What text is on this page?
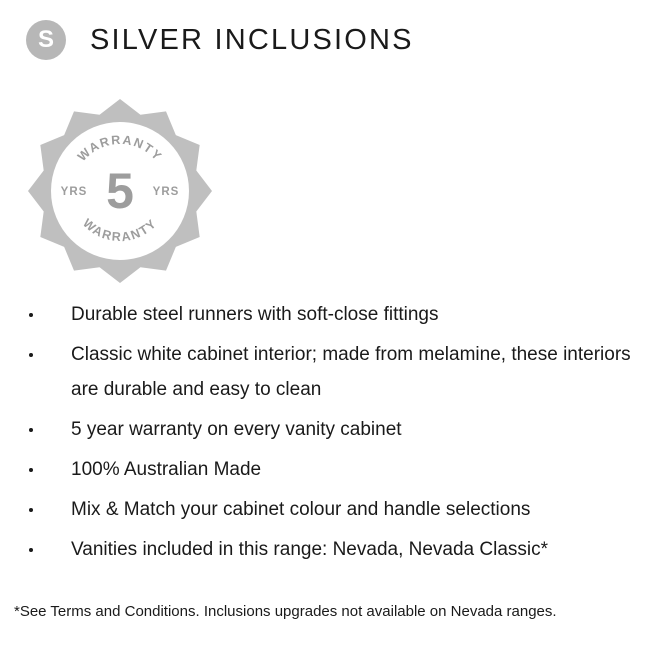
S SILVER INCLUSIONS
WARRANTY
WARRANTY
5
YRS	YRS
Durable steel runners with soft-close fittings
Classic white cabinet interior; made from melamine, these interiors are durable and easy to clean
5 year warranty on every vanity cabinet
100% Australian Made
Mix & Match your cabinet colour and handle selections
Vanities included in this range: Nevada, Nevada Classic*
*See Terms and Conditions. Inclusions upgrades not available on Nevada ranges.
